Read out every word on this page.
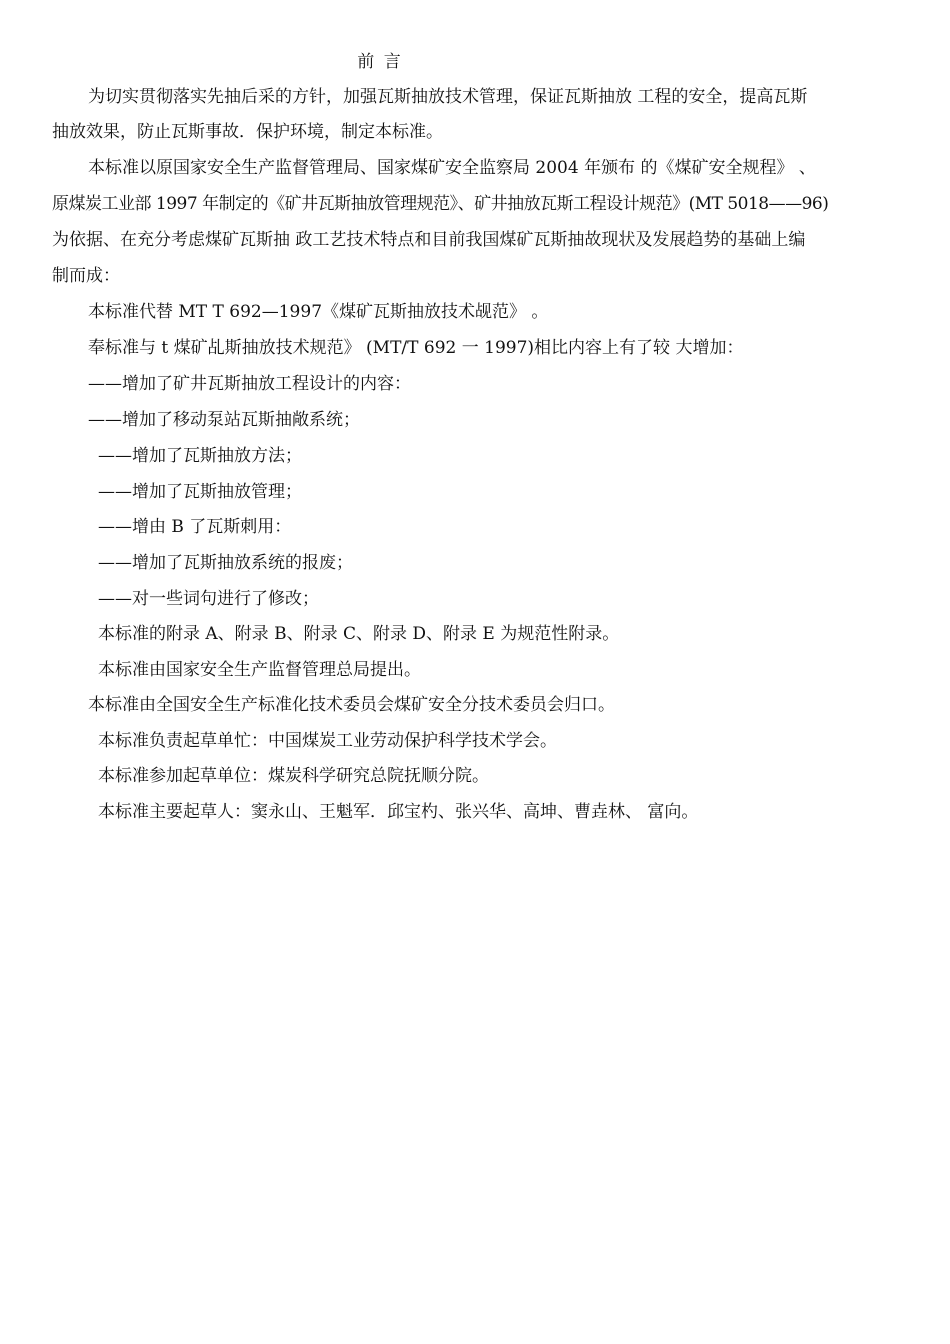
前 言
为切实贯彻落实先抽后采的方针，加强瓦斯抽放技术管理，保证瓦斯抽放 工程的安全，提高瓦斯
抽放效果，防止瓦斯事故．保护环境，制定本标准。
本标准以原国家安全生产监督管理局、国家煤矿安全监察局 2004 年颁布 的《煤矿安全规程》 、
原煤炭工业部 1997 年制定的《矿井瓦斯抽放管理规范》、矿井抽放瓦斯工程设计规范》(MT 5018——96)
为依据、在充分考虑煤矿瓦斯抽 政工艺技术特点和目前我国煤矿瓦斯抽故现状及发展趋势的基础上编
制而成：
本标准代替 MT T 692—1997《煤矿瓦斯抽放技术觇范》 。
奉标准与 t 煤矿乩斯抽放技术规范》 (MT/T 692 一 1997)相比内容上有了较 大增加：
——增加了矿井瓦斯抽放工程设计的内容：
——增加了移动泵站瓦斯抽敞系统；
——增加了瓦斯抽放方法；
——增加了瓦斯抽放管理；
——增由 B 了瓦斯刺用：
——增加了瓦斯抽放系统的报废；
——对一些词句进行了修改；
本标准的附录 A、附录 B、附录 C、附录 D、附录 E 为规范性附录。
本标准由国家安全生产监督管理总局提出。
本标准由全国安全生产标准化技术委员会煤矿安全分技术委员会归口。
本标准负责起草单忙：中国煤炭工业劳动保护科学技术学会。
本标准参加起草单位：煤炭科学研究总院抚顺分院。
本标准主要起草人：窦永山、王魁军．邱宝杓、张兴华、高坤、曹垚林、 富向。
